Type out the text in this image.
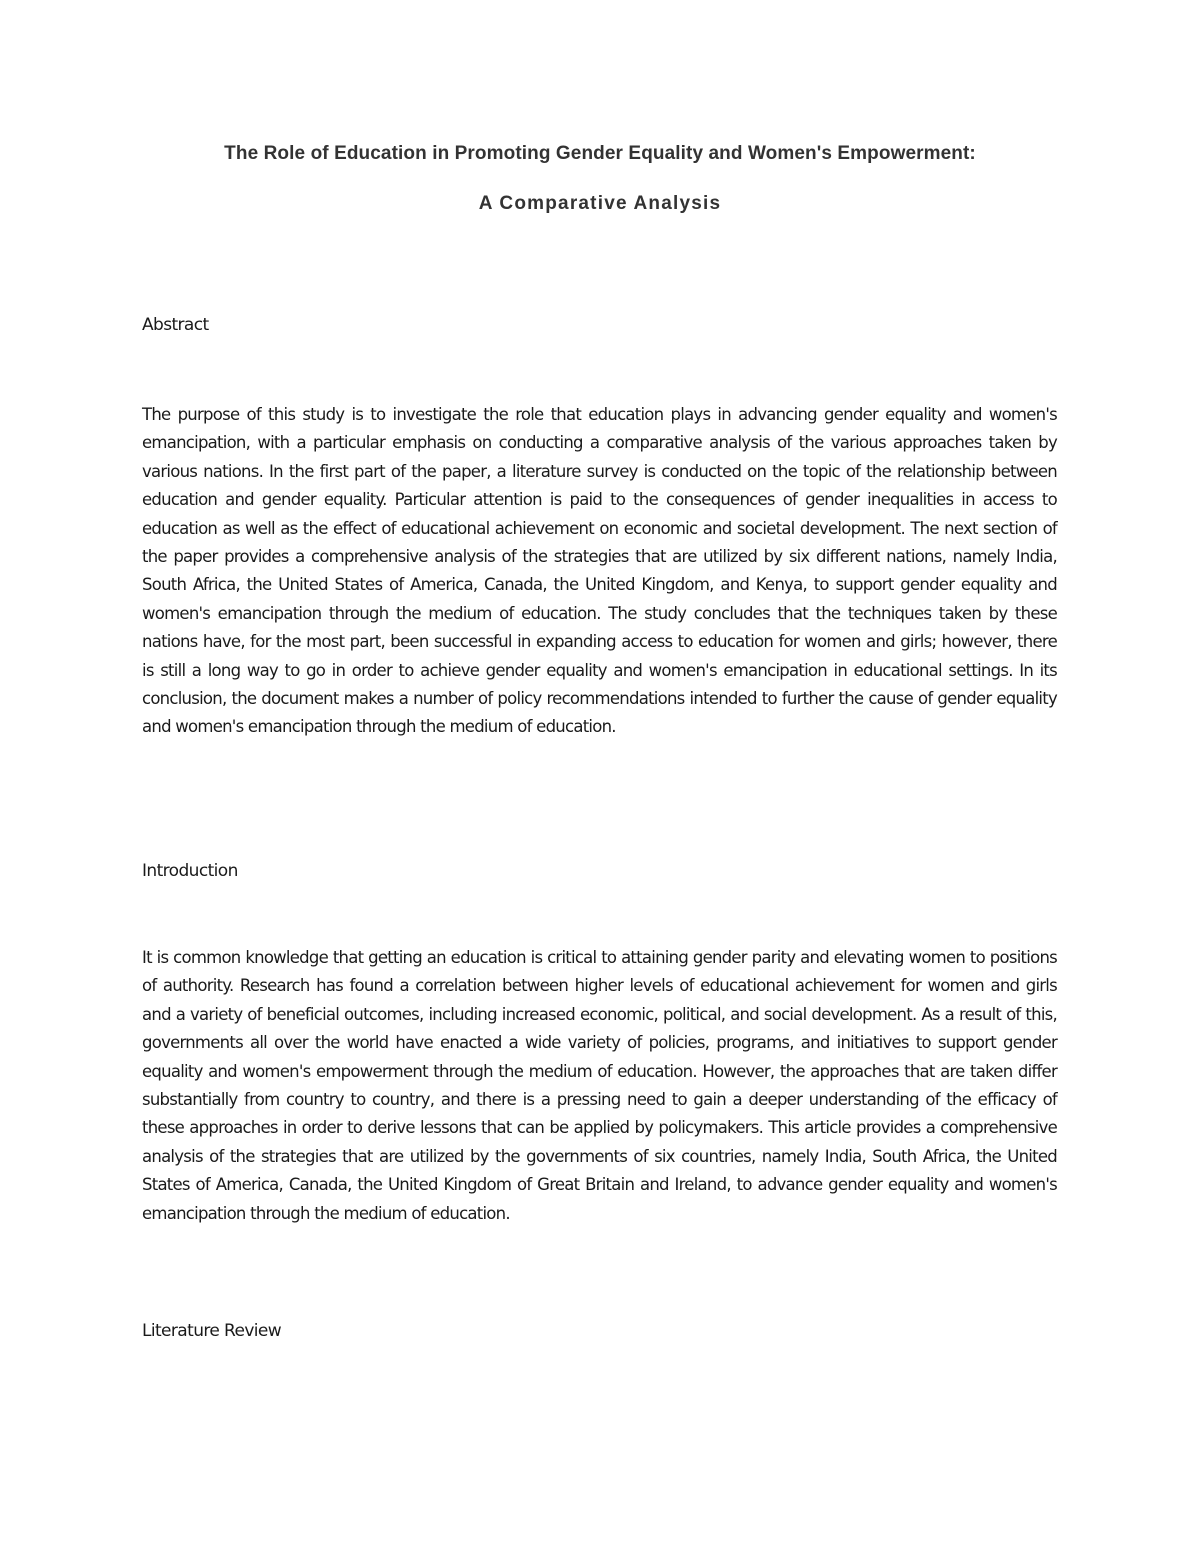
The Role of Education in Promoting Gender Equality and Women's Empowerment:
A Comparative Analysis
Abstract

The purpose of this study is to investigate the role that education plays in advancing gender equality and women's emancipation, with a particular emphasis on conducting a comparative analysis of the various approaches taken by various nations. In the first part of the paper, a literature survey is conducted on the topic of the relationship between education and gender equality. Particular attention is paid to the consequences of gender inequalities in access to education as well as the effect of educational achievement on economic and societal development. The next section of the paper provides a comprehensive analysis of the strategies that are utilized by six different nations, namely India, South Africa, the United States of America, Canada, the United Kingdom, and Kenya, to support gender equality and women's emancipation through the medium of education. The study concludes that the techniques taken by these nations have, for the most part, been successful in expanding access to education for women and girls; however, there is still a long way to go in order to achieve gender equality and women's emancipation in educational settings. In its conclusion, the document makes a number of policy recommendations intended to further the cause of gender equality and women's emancipation through the medium of education.

Introduction

It is common knowledge that getting an education is critical to attaining gender parity and elevating women to positions of authority. Research has found a correlation between higher levels of educational achievement for women and girls and a variety of beneficial outcomes, including increased economic, political, and social development. As a result of this, governments all over the world have enacted a wide variety of policies, programs, and initiatives to support gender equality and women's empowerment through the medium of education. However, the approaches that are taken differ substantially from country to country, and there is a pressing need to gain a deeper understanding of the efficacy of these approaches in order to derive lessons that can be applied by policymakers. This article provides a comprehensive analysis of the strategies that are utilized by the governments of six countries, namely India, South Africa, the United States of America, Canada, the United Kingdom of Great Britain and Ireland, to advance gender equality and women's emancipation through the medium of education.

Literature Review
